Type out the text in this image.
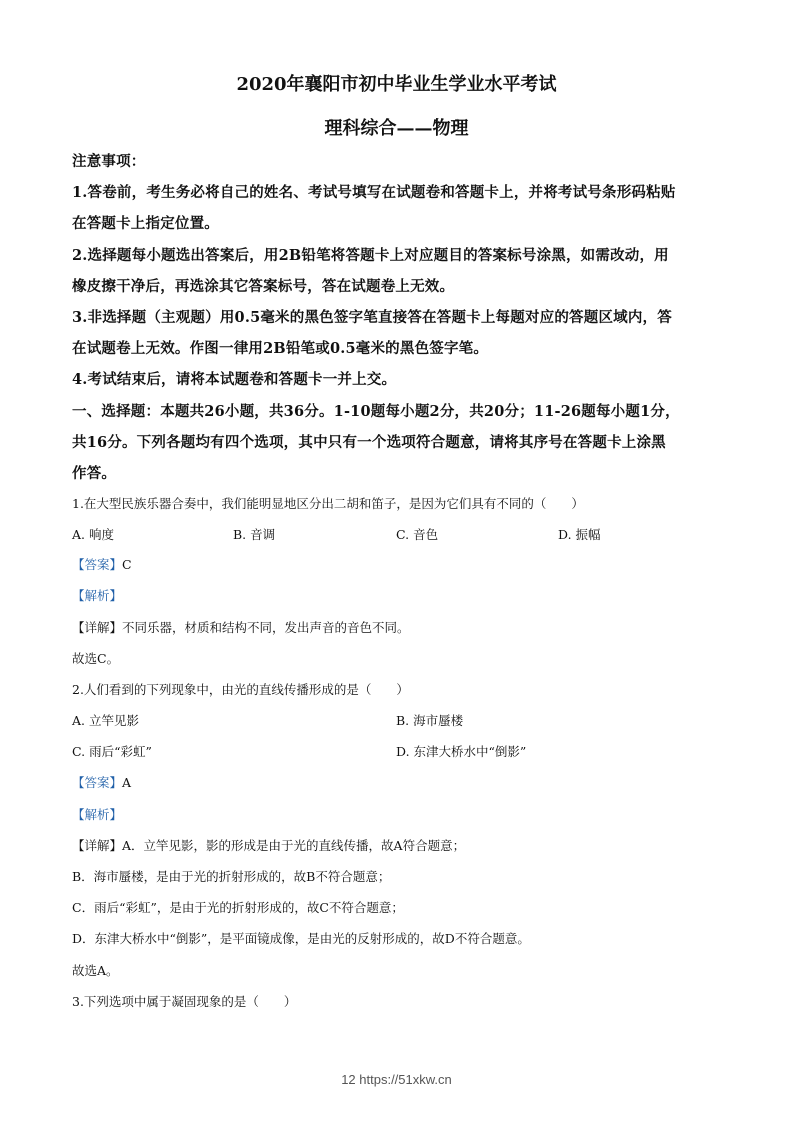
2020年襄阳市初中毕业生学业水平考试
理科综合——物理
注意事项：
1.答卷前，考生务必将自己的姓名、考试号填写在试题卷和答题卡上，并将考试号条形码粘贴
在答题卡上指定位置。
2.选择题每小题选出答案后，用2B铅笔将答题卡上对应题目的答案标号涂黑，如需改动，用
橡皮擦干净后，再选涂其它答案标号，答在试题卷上无效。
3.非选择题（主观题）用0.5毫米的黑色签字笔直接答在答题卡上每题对应的答题区域内，答
在试题卷上无效。作图一律用2B铅笔或0.5毫米的黑色签字笔。
4.考试结束后，请将本试题卷和答题卡一并上交。
一、选择题：本题共26小题，共36分。1-10题每小题2分，共20分；11-26题每小题1分，
共16分。下列各题均有四个选项，其中只有一个选项符合题意，请将其序号在答题卡上涂黑
作答。
1.在大型民族乐器合奏中，我们能明显地区分出二胡和笛子，是因为它们具有不同的（　　）
A. 响度	B. 音调	C. 音色	D. 振幅
【答案】C
【解析】
【详解】不同乐器，材质和结构不同，发出声音的音色不同。
故选C。
2.人们看到的下列现象中，由光的直线传播形成的是（　　）
A. 立竿见影	B. 海市蜃楼
C. 雨后“彩虹”	D. 东津大桥水中“倒影”
【答案】A
【解析】
【详解】A．立竿见影，影的形成是由于光的直线传播，故A符合题意；
B．海市蜃楼，是由于光的折射形成的，故B不符合题意；
C．雨后“彩虹”，是由于光的折射形成的，故C不符合题意；
D．东津大桥水中“倒影”，是平面镜成像，是由光的反射形成的，故D不符合题意。
故选A。
3.下列选项中属于凝固现象的是（　　）
12 https://51xkw.cn
